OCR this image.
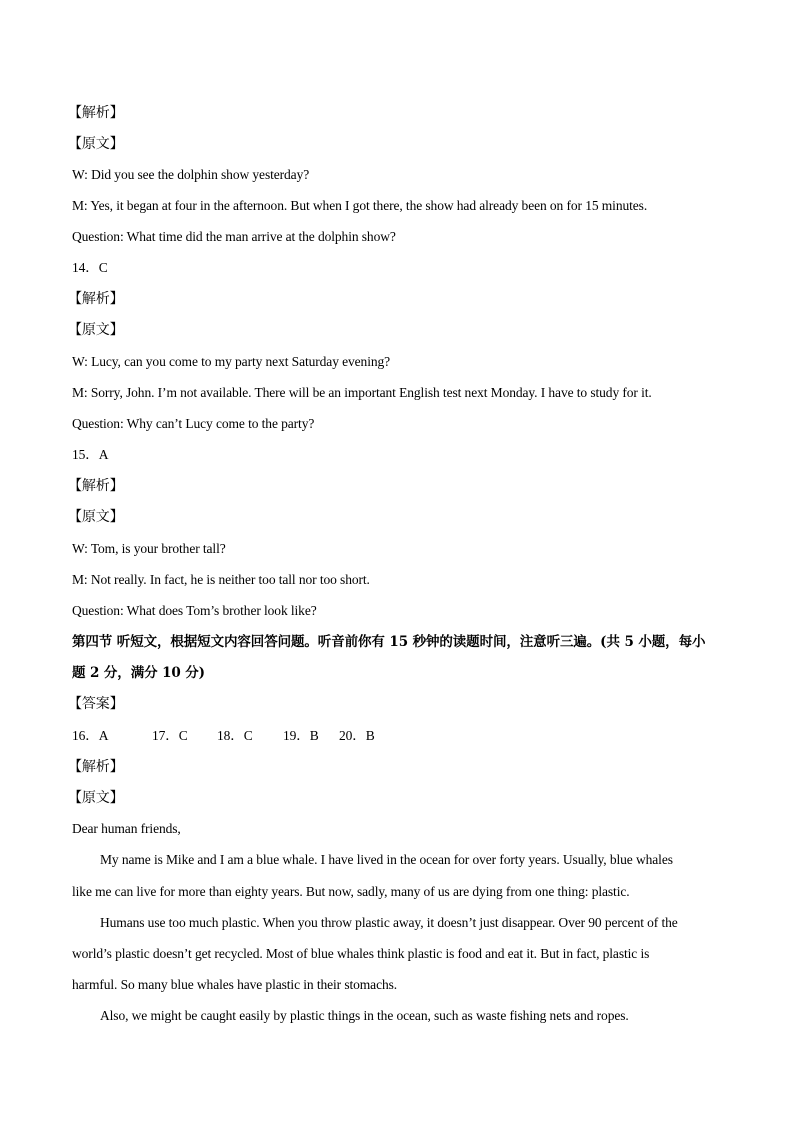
【解析】
【原文】
W: Did you see the dolphin show yesterday?
M: Yes, it began at four in the afternoon. But when I got there, the show had already been on for 15 minutes.
Question: What time did the man arrive at the dolphin show?
14．C
【解析】
【原文】
W: Lucy, can you come to my party next Saturday evening?
M: Sorry, John. I’m not available. There will be an important English test next Monday. I have to study for it.
Question: Why can’t Lucy come to the party?
15．A
【解析】
【原文】
W: Tom, is your brother tall?
M: Not really. In fact, he is neither too tall nor too short.
Question: What does Tom’s brother look like?
第四节 听短文，根据短文内容回答问题。听音前你有 15 秒钟的读题时间，注意听三遍。(共 5 小题，每小
题 2 分，满分 10 分)
【答案】
16．A	17．C 18．C 19．B 20．B
【解析】
【原文】
Dear human friends,
My name is Mike and I am a blue whale. I have lived in the ocean for over forty years. Usually, blue whales
like me can live for more than eighty years. But now, sadly, many of us are dying from one thing: plastic.
Humans use too much plastic. When you throw plastic away, it doesn’t just disappear. Over 90 percent of the
world’s plastic doesn’t get recycled. Most of blue whales think plastic is food and eat it. But in fact, plastic is
harmful. So many blue whales have plastic in their stomachs.
Also, we might be caught easily by plastic things in the ocean, such as waste fishing nets and ropes.
